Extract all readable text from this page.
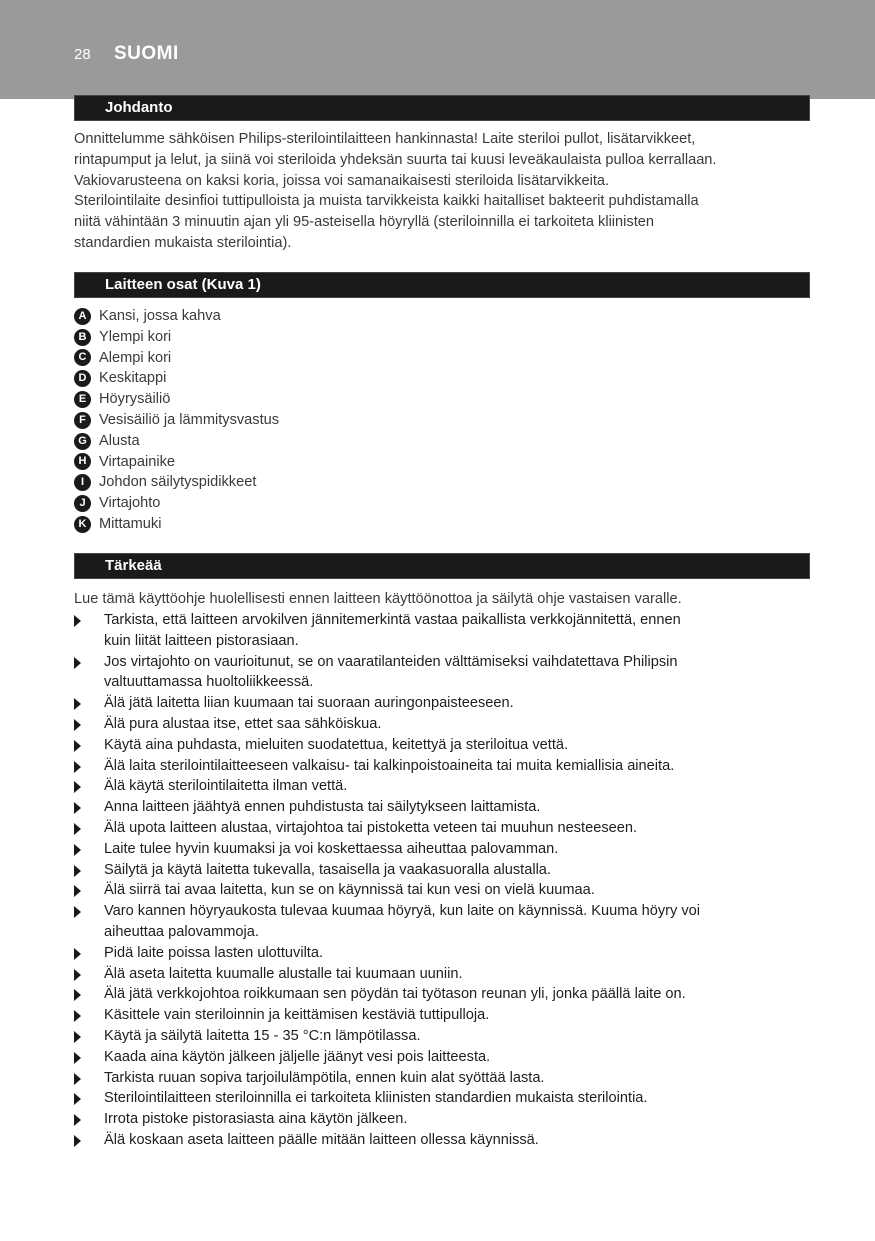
28 SUOMI
Johdanto
Onnittelumme sähköisen Philips-sterilointilaitteen hankinnasta! Laite steriloi pullot, lisätarvikkeet,
rintapumput ja lelut, ja siinä voi steriloida yhdeksän suurta tai kuusi leveäkaulaista pulloa kerrallaan.
Vakiovarusteena on kaksi koria, joissa voi samanaikaisesti steriloida lisätarvikkeita.
Sterilointilaite desinfioi tuttipulloista ja muista tarvikkeista kaikki haitalliset bakteerit puhdistamalla
niitä vähintään 3 minuutin ajan yli 95-asteisella höyryllä (steriloinnilla ei tarkoiteta kliinisten
standardien mukaista sterilointia).
Laitteen osat (Kuva 1)
A Kansi, jossa kahva
B Ylempi kori
C Alempi kori
D Keskitappi
E Höyrysäiliö
F Vesisäiliö ja lämmitysvastus
G Alusta
H Virtapainike
I	Johdon säilytyspidikkeet
J Virtajohto
K Mittamuki
Tärkeää
Lue tämä käyttöohje huolellisesti ennen laitteen käyttöönottoa ja säilytä ohje vastaisen varalle.
Tarkista, että laitteen arvokilven jännitemerkintä vastaa paikallista verkkojännitettä, ennen
kuin liität laitteen pistorasiaan.
Jos virtajohto on vaurioitunut, se on vaaratilanteiden välttämiseksi vaihdatettava Philipsin
valtuuttamassa huoltoliikkeessä.
Älä jätä laitetta liian kuumaan tai suoraan auringonpaisteeseen.
Älä pura alustaa itse, ettet saa sähköiskua.
Käytä aina puhdasta, mieluiten suodatettua, keitettyä ja steriloitua vettä.
Älä laita sterilointilaitteeseen valkaisu- tai kalkinpoistoaineita tai muita kemiallisia aineita.
Älä käytä sterilointilaitetta ilman vettä.
Anna laitteen jäähtyä ennen puhdistusta tai säilytykseen laittamista.
Älä upota laitteen alustaa, virtajohtoa tai pistoketta veteen tai muuhun nesteeseen.
Laite tulee hyvin kuumaksi ja voi koskettaessa aiheuttaa palovamman.
Säilytä ja käytä laitetta tukevalla, tasaisella ja vaakasuoralla alustalla.
Älä siirrä tai avaa laitetta, kun se on käynnissä tai kun vesi on vielä kuumaa.
Varo kannen höyryaukosta tulevaa kuumaa höyryä, kun laite on käynnissä. Kuuma höyry voi
aiheuttaa palovammoja.
Pidä laite poissa lasten ulottuvilta.
Älä aseta laitetta kuumalle alustalle tai kuumaan uuniin.
Älä jätä verkkojohtoa roikkumaan sen pöydän tai työtason reunan yli, jonka päällä laite on.
Käsittele vain steriloinnin ja keittämisen kestäviä tuttipulloja.
Käytä ja säilytä laitetta 15 - 35 °C:n lämpötilassa.
Kaada aina käytön jälkeen jäljelle jäänyt vesi pois laitteesta.
Tarkista ruuan sopiva tarjoilulämpötila, ennen kuin alat syöttää lasta.
Sterilointilaitteen steriloinnilla ei tarkoiteta kliinisten standardien mukaista sterilointia.
Irrota pistoke pistorasiasta aina käytön jälkeen.
Älä koskaan aseta laitteen päälle mitään laitteen ollessa käynnissä.
